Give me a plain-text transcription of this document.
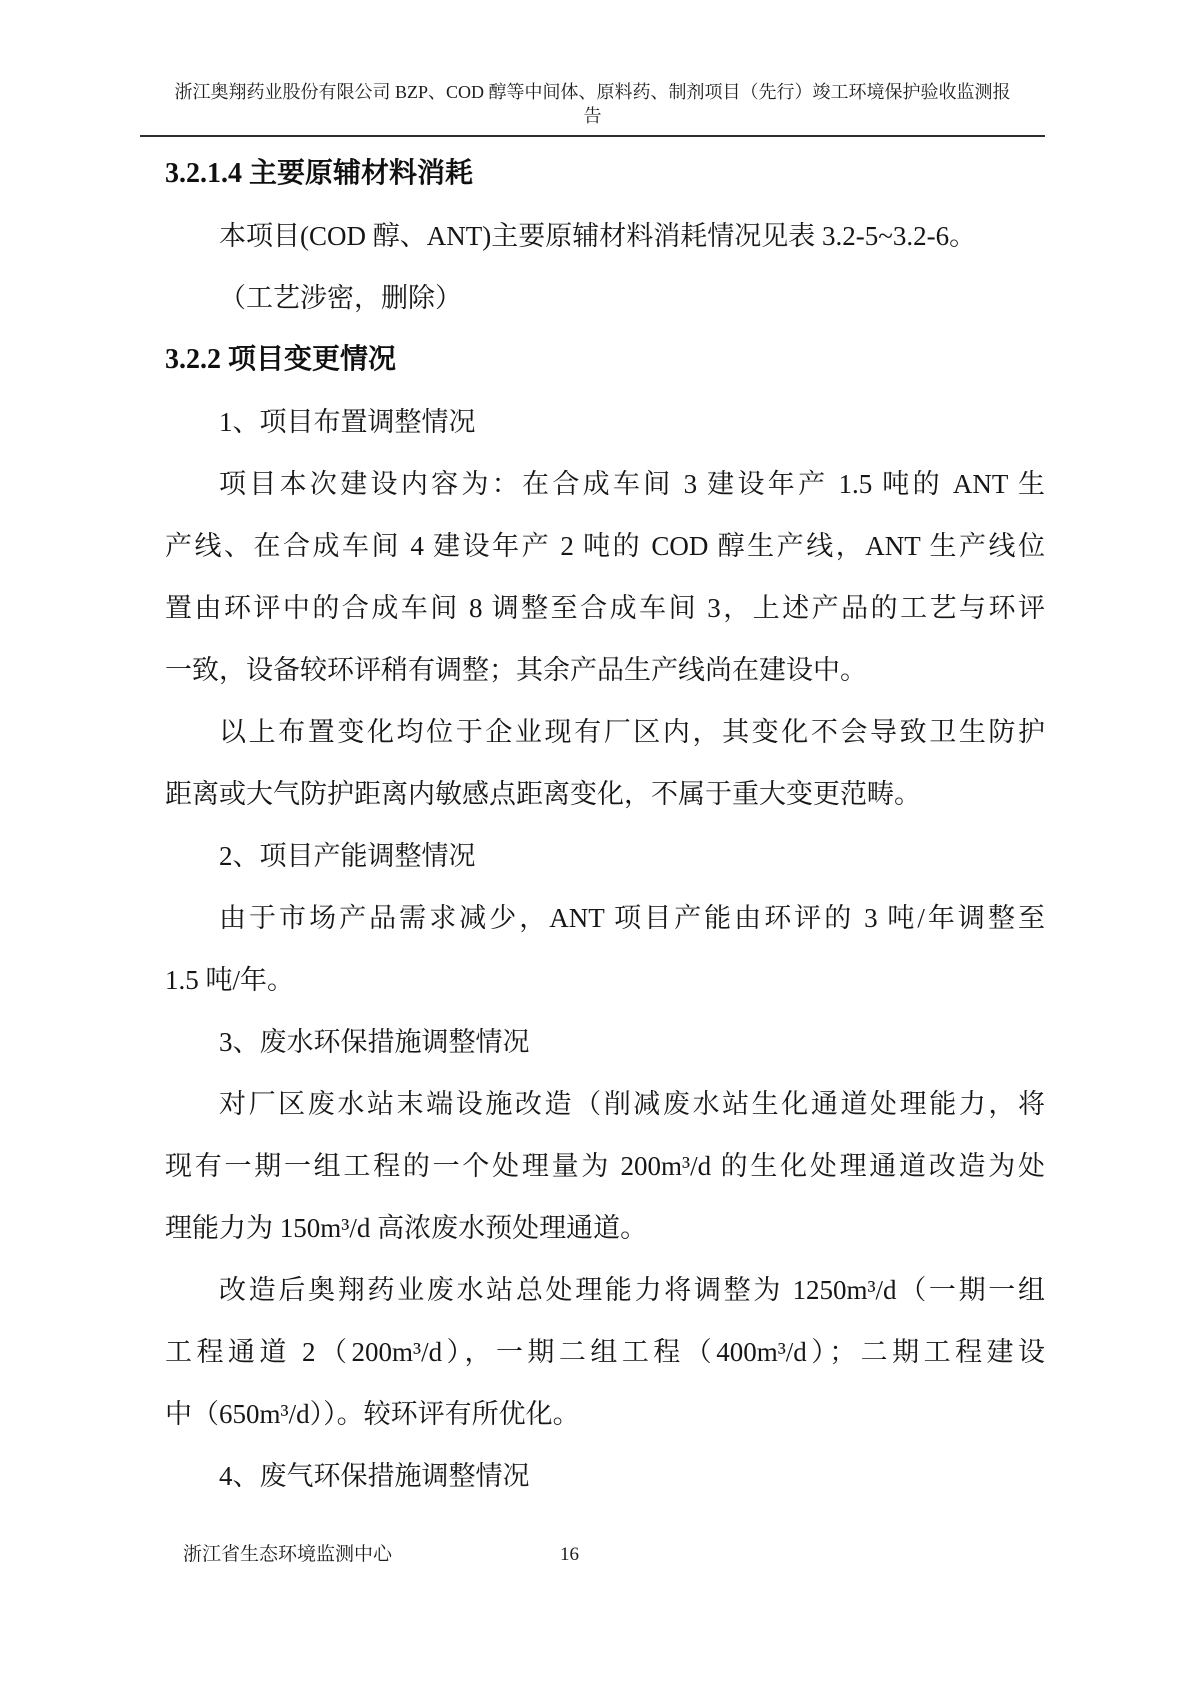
浙江奥翔药业股份有限公司 BZP、COD 醇等中间体、原料药、制剂项目（先行）竣工环境保护验收监测报
告
3.2.1.4 主要原辅材料消耗
本项目(COD 醇、ANT)主要原辅材料消耗情况见表 3.2-5~3.2-6。
（工艺涉密，删除）
3.2.2 项目变更情况
1、项目布置调整情况
项目本次建设内容为：在合成车间 3 建设年产 1.5 吨的 ANT 生
产线、在合成车间 4 建设年产 2 吨的 COD 醇生产线，ANT 生产线位
置由环评中的合成车间 8 调整至合成车间 3，上述产品的工艺与环评
一致，设备较环评稍有调整；其余产品生产线尚在建设中。
以上布置变化均位于企业现有厂区内，其变化不会导致卫生防护
距离或大气防护距离内敏感点距离变化，不属于重大变更范畴。
2、项目产能调整情况
由于市场产品需求减少，ANT 项目产能由环评的 3 吨/年调整至
1.5 吨/年。
3、废水环保措施调整情况
对厂区废水站末端设施改造（削减废水站生化通道处理能力，将
现有一期一组工程的一个处理量为 200m³/d 的生化处理通道改造为处
理能力为 150m³/d 高浓废水预处理通道。
改造后奥翔药业废水站总处理能力将调整为 1250m³/d（一期一组
工程通道 2（200m³/d），一期二组工程（400m³/d）；二期工程建设
中（650m³/d））。较环评有所优化。
4、废气环保措施调整情况
浙江省生态环境监测中心	16
